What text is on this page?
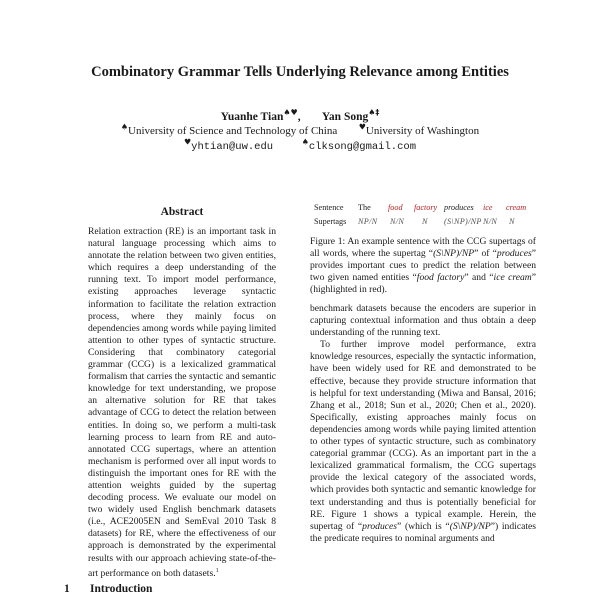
Combinatory Grammar Tells Underlying Relevance among Entities
Yuanhe Tian♠♥, Yan Song♠‡
♠University of Science and Technology of China	♥University of Washington
♥yhtian@uw.edu	♠clksong@gmail.com
Abstract

Relation extraction (RE) is an important task in natural language processing which aims to annotate the relation between two given entities, which requires a deep understanding of the running text. To import model performance, existing approaches leverage syntactic information to facilitate the relation extraction process, where they mainly focus on dependencies among words while paying limited attention to other types of syntactic structure. Considering that combinatory categorial grammar (CCG) is a lexicalized grammatical formalism that carries the syntactic and semantic knowledge for text understanding, we propose an alternative solution for RE that takes advantage of CCG to detect the relation between entities. In doing so, we perform a multi-task learning process to learn from RE and auto-annotated CCG supertags, where an attention mechanism is performed over all input words to distinguish the important ones for RE with the attention weights guided by the supertag decoding process. We evaluate our model on two widely used English benchmark datasets (i.e., ACE2005EN and SemEval 2010 Task 8 datasets) for RE, where the effectiveness of our approach is demonstrated by the experimental results with our approach achieving state-of-the-art performance on both datasets.$^1$

1 Introduction
Sentence The food factory produces ice cream
Supertags NP/N N/N N (S\NP)/NP N/N N

Figure 1: An example sentence with the CCG supertags of all words, where the supertag “(S\NP)/NP” of “produces” provides important cues to predict the relation between two given named entities “food factory” and “ice cream” (highlighted in red).

benchmark datasets because the encoders are superior in capturing contextual information and thus obtain a deep understanding of the running text.

To further improve model performance, extra knowledge resources, especially the syntactic information, have been widely used for RE and demonstrated to be effective, because they provide structure information that is helpful for text understanding (Miwa and Bansal, 2016; Zhang et al., 2018; Sun et al., 2020; Chen et al., 2020). Specifically, existing approaches mainly focus on dependencies among words while paying limited attention to other types of syntactic structure, such as combinatory categorial grammar (CCG). As an important part in the a lexicalized grammatical formalism, the CCG supertags provide the lexical category of the associated words, which provides both syntactic and semantic knowledge for text understanding and thus is potentially beneficial for RE. Figure 1 shows a typical example. Herein, the supertag of “produces” (which is “(S\NP)/NP”) indicates the predicate requires to nominal arguments and
